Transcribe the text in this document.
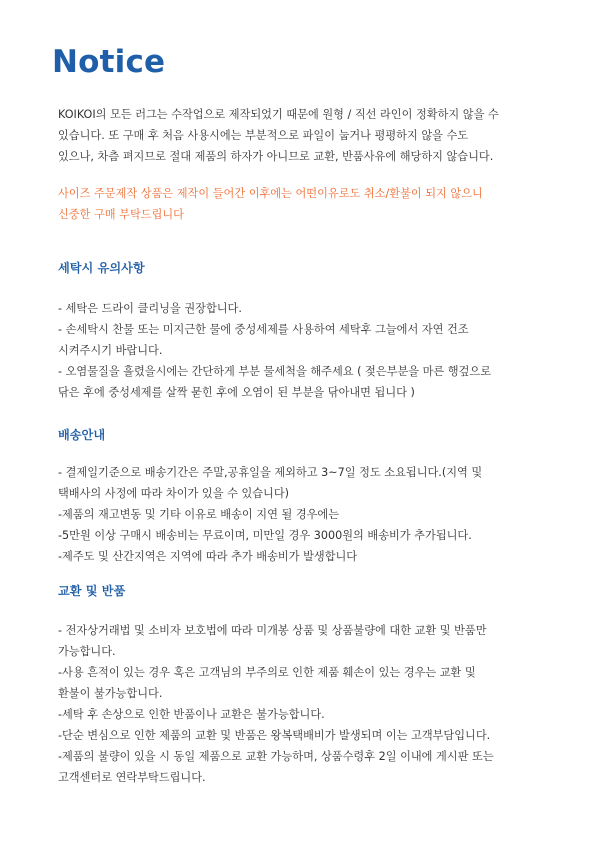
Notice
KOIKOI의 모든 러그는 수작업으로 제작되었기 때문에 원형 / 직선 라인이 정확하지 않을 수
있습니다. 또 구매 후 처음 사용시에는 부분적으로 파일이 눕거나 평평하지 않을 수도
있으나, 차츰 펴지므로 절대 제품의 하자가 아니므로 교환, 반품사유에 해당하지 않습니다.
사이즈 주문제작 상품은 제작이 들어간 이후에는 어떤이유로도 취소/환불이 되지 않으니
신중한 구매 부탁드립니다
세탁시 유의사항
- 세탁은 드라이 클리닝을 권장합니다.
- 손세탁시 찬물 또는 미지근한 물에 중성세제를 사용하여 세탁후 그늘에서 자연 건조
시켜주시기 바랍니다.
- 오염물질을 흘렸을시에는 간단하게 부분 물세척을 해주세요 ( 젖은부분을 마른 행겊으로
닦은 후에 중성세제를 살짝 묻힌 후에 오염이 된 부분을 닦아내면 됩니다 )
배송안내
- 결제일기준으로 배송기간은 주말,공휴일을 제외하고 3~7일 정도 소요됩니다.(지역 및
택배사의 사정에 따라 차이가 있을 수 있습니다)
-제품의 재고변동 및 기타 이유로 배송이 지연 될 경우에는
-5만원 이상 구매시 배송비는 무료이며, 미만일 경우 3000원의 배송비가 추가됩니다.
-제주도 및 산간지역은 지역에 따라 추가 배송비가 발생합니다
교환 및 반품
- 전자상거래법 및 소비자 보호법에 따라 미개봉 상품 및 상품불량에 대한 교환 및 반품만
가능합니다.
-사용 흔적이 있는 경우 혹은 고객님의 부주의로 인한 제품 훼손이 있는 경우는 교환 및
환불이 불가능합니다.
-세탁 후 손상으로 인한 반품이나 교환은 불가능합니다.
-단순 변심으로 인한 제품의 교환 및 반품은 왕복택배비가 발생되며 이는 고객부담입니다.
-제품의 불량이 있을 시 동일 제품으로 교환 가능하며, 상품수령후 2일 이내에 게시판 또는
고객센터로 연락부탁드립니다.
